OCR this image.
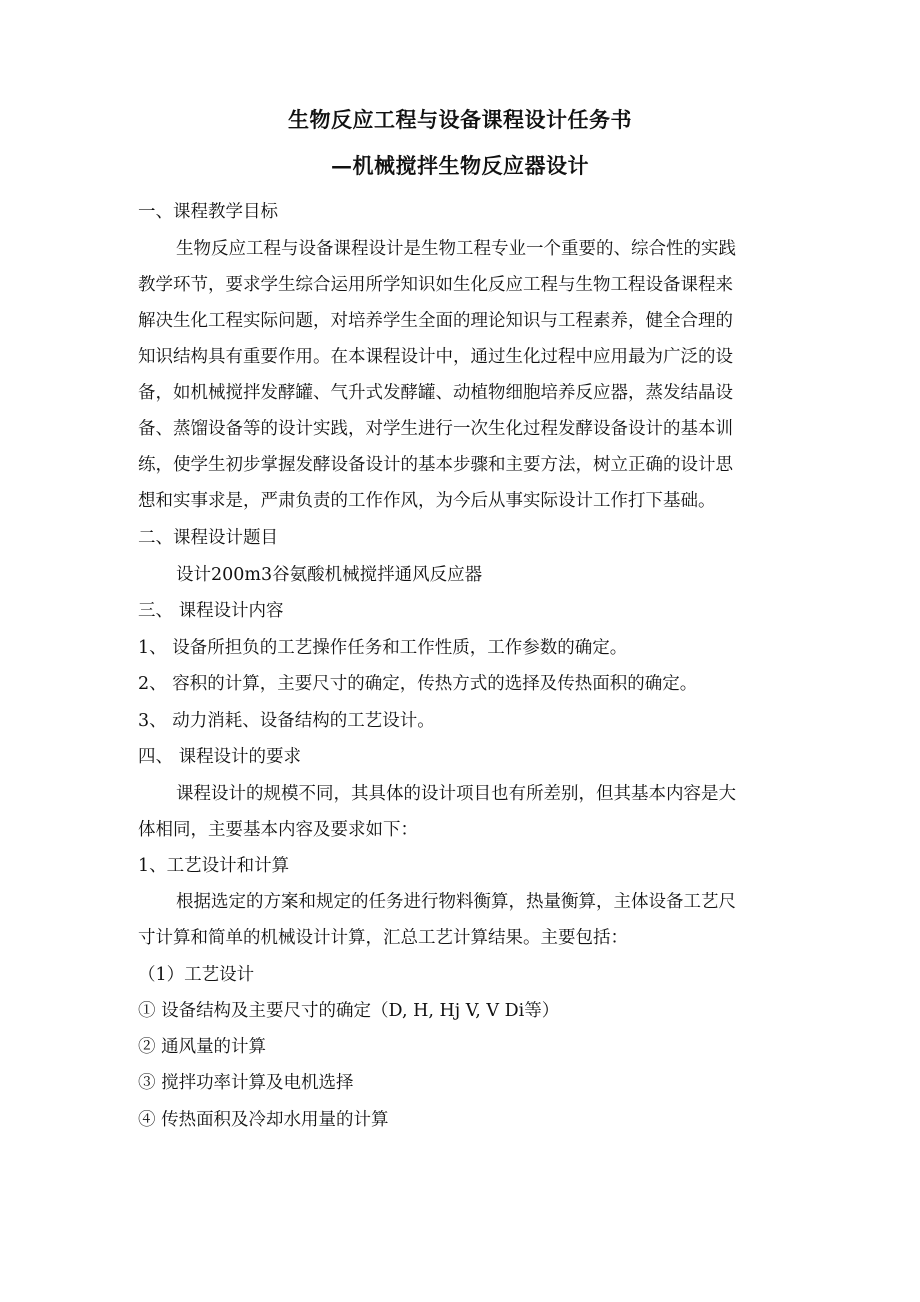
生物反应工程与设备课程设计任务书
—机械搅拌生物反应器设计
一、课程教学目标
生物反应工程与设备课程设计是生物工程专业一个重要的、综合性的实践
教学环节，要求学生综合运用所学知识如生化反应工程与生物工程设备课程来
解决生化工程实际问题，对培养学生全面的理论知识与工程素养，健全合理的
知识结构具有重要作用。在本课程设计中，通过生化过程中应用最为广泛的设
备，如机械搅拌发酵罐、气升式发酵罐、动植物细胞培养反应器，蒸发结晶设
备、蒸馏设备等的设计实践，对学生进行一次生化过程发酵设备设计的基本训
练，使学生初步掌握发酵设备设计的基本步骤和主要方法，树立正确的设计思
想和实事求是，严肃负责的工作作风，为今后从事实际设计工作打下基础。
二、课程设计题目
设计200m3谷氨酸机械搅拌通风反应器
三、 课程设计内容
1、 设备所担负的工艺操作任务和工作性质，工作参数的确定。
2、 容积的计算，主要尺寸的确定，传热方式的选择及传热面积的确定。
3、 动力消耗、设备结构的工艺设计。
四、 课程设计的要求
课程设计的规模不同，其具体的设计项目也有所差别，但其基本内容是大
体相同，主要基本内容及要求如下：
1、工艺设计和计算
根据选定的方案和规定的任务进行物料衡算，热量衡算，主体设备工艺尺
寸计算和简单的机械设计计算，汇总工艺计算结果。主要包括：
（1）工艺设计
① 设备结构及主要尺寸的确定（D, H, Hj V, V Di等）
② 通风量的计算
③ 搅拌功率计算及电机选择
④ 传热面积及冷却水用量的计算
